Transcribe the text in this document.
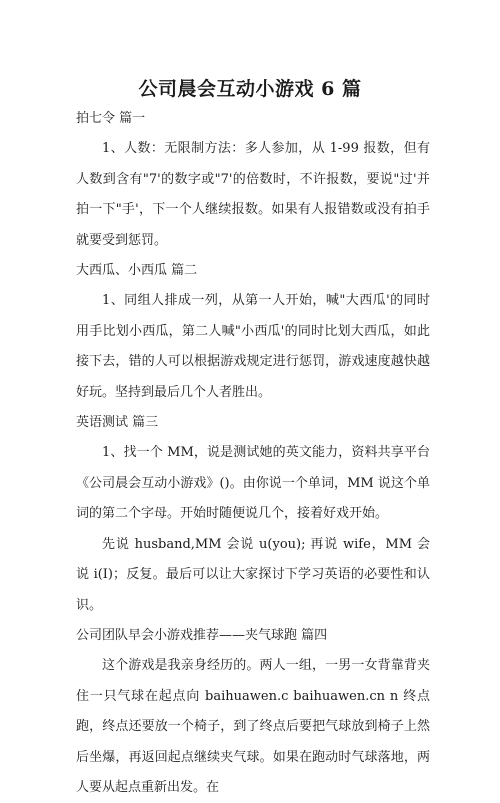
公司晨会互动小游戏 6 篇
拍七令 篇一
1、人数：无限制方法：多人参加，从 1-99 报数，但有人数到含有"7'的数字或"7'的倍数时，不许报数，要说"过'并拍一下"手'，下一个人继续报数。如果有人报错数或没有拍手就要受到惩罚。
大西瓜、小西瓜 篇二
1、同组人排成一列，从第一人开始，喊"大西瓜'的同时用手比划小西瓜，第二人喊"小西瓜'的同时比划大西瓜，如此接下去，错的人可以根据游戏规定进行惩罚，游戏速度越快越好玩。坚持到最后几个人者胜出。
英语测试 篇三
1、找一个 MM，说是测试她的英文能力，资料共享平台《公司晨会互动小游戏》()。由你说一个单词，MM 说这个单词的第二个字母。开始时随便说几个，接着好戏开始。
先说 husband,MM 会说 u(you); 再说 wife，MM 会说 i(I)；反复。最后可以让大家探讨下学习英语的必要性和认识。
公司团队早会小游戏推荐——夹气球跑 篇四
这个游戏是我亲身经历的。两人一组，一男一女背靠背夹住一只气球在起点向 baihuawen.c baihuawen.cn n 终点跑，终点还要放一个椅子，到了终点后要把气球放到椅子上然后坐爆，再返回起点继续夹气球。如果在跑动时气球落地，两人要从起点重新出发。在
